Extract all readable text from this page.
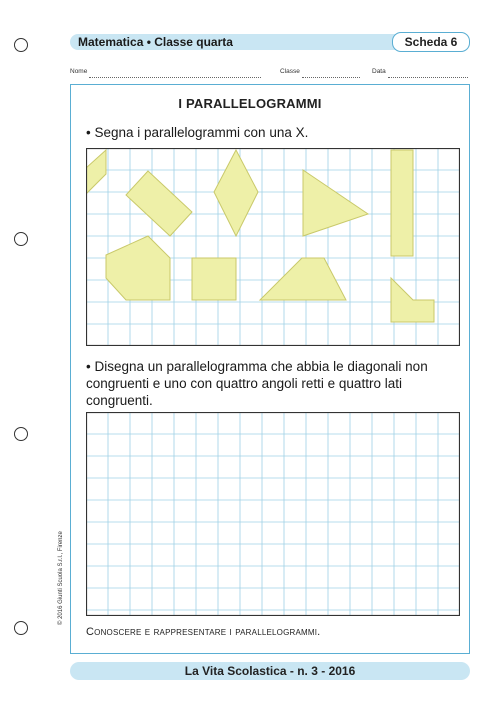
Matematica • Classe quarta	Scheda 6
Nome	Classe	Data
I PARALLELOGRAMMI
• Segna i parallelogrammi con una X.
• Disegna un parallelogramma che abbia le diagonali non
congruenti e uno con quattro angoli retti e quattro lati
congruenti.
Conoscere e rappresentare i parallelogrammi.
© 2016 Giunti Scuola S.r.l., Firenze
La Vita Scolastica - n. 3 - 2016
